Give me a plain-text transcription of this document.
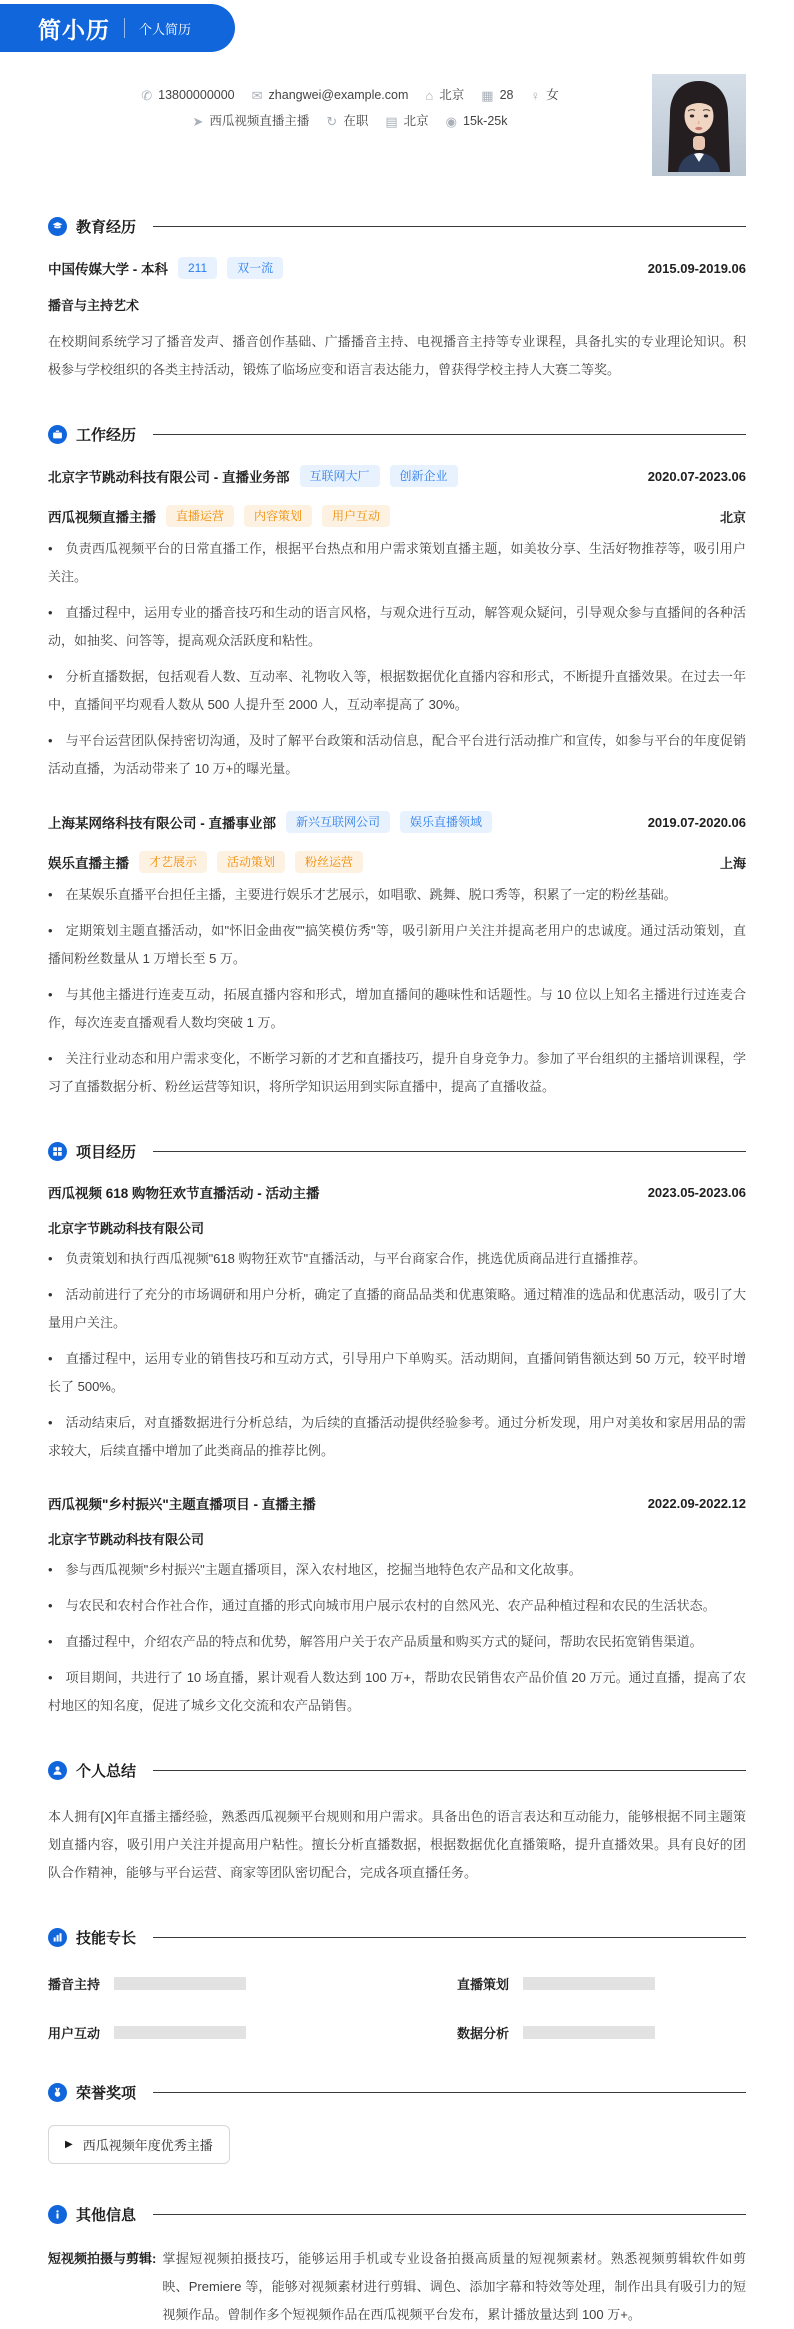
简小历 个人简历
✆ 13800000000 ✉ zhangwei@example.com ⌂ 北京 ▦ 28 ♀ 女
➤ 西瓜视频直播主播 ↻ 在职 ▤ 北京 ◉ 15k-25k
教育经历
中国传媒大学 - 本科	211	双一流	2015.09-2019.06
播音与主持艺术

在校期间系统学习了播音发声、播音创作基础、广播播音主持、电视播音主持等专业课程，具备扎实的专业理论知识。积极参与学校组织的各类主持活动，锻炼了临场应变和语言表达能力，曾获得学校主持人大赛二等奖。

工作经历
北京字节跳动科技有限公司 - 直播业务部	互联网大厂	创新企业	2020.07-2023.06
西瓜视频直播主播	直播运营	内容策划	用户互动	北京
• 负责西瓜视频平台的日常直播工作，根据平台热点和用户需求策划直播主题，如美妆分享、生活好物推荐等，吸引用户关注。
• 直播过程中，运用专业的播音技巧和生动的语言风格，与观众进行互动，解答观众疑问，引导观众参与直播间的各种活动，如抽奖、问答等，提高观众活跃度和粘性。
• 分析直播数据，包括观看人数、互动率、礼物收入等，根据数据优化直播内容和形式，不断提升直播效果。在过去一年中，直播间平均观看人数从 500 人提升至 2000 人，互动率提高了 30%。
• 与平台运营团队保持密切沟通，及时了解平台政策和活动信息，配合平台进行活动推广和宣传，如参与平台的年度促销活动直播，为活动带来了 10 万+的曝光量。
上海某网络科技有限公司 - 直播事业部	新兴互联网公司	娱乐直播领域	2019.07-2020.06
娱乐直播主播	才艺展示	活动策划	粉丝运营	上海
• 在某娱乐直播平台担任主播，主要进行娱乐才艺展示，如唱歌、跳舞、脱口秀等，积累了一定的粉丝基础。
• 定期策划主题直播活动，如"怀旧金曲夜""搞笑模仿秀"等，吸引新用户关注并提高老用户的忠诚度。通过活动策划，直播间粉丝数量从 1 万增长至 5 万。
• 与其他主播进行连麦互动，拓展直播内容和形式，增加直播间的趣味性和话题性。与 10 位以上知名主播进行过连麦合作，每次连麦直播观看人数均突破 1 万。
• 关注行业动态和用户需求变化，不断学习新的才艺和直播技巧，提升自身竞争力。参加了平台组织的主播培训课程，学习了直播数据分析、粉丝运营等知识，将所学知识运用到实际直播中，提高了直播收益。
项目经历
西瓜视频 618 购物狂欢节直播活动 - 活动主播	2023.05-2023.06
北京字节跳动科技有限公司
• 负责策划和执行西瓜视频"618 购物狂欢节"直播活动，与平台商家合作，挑选优质商品进行直播推荐。
• 活动前进行了充分的市场调研和用户分析，确定了直播的商品品类和优惠策略。通过精准的选品和优惠活动，吸引了大量用户关注。
• 直播过程中，运用专业的销售技巧和互动方式，引导用户下单购买。活动期间，直播间销售额达到 50 万元，较平时增长了 500%。
• 活动结束后，对直播数据进行分析总结，为后续的直播活动提供经验参考。通过分析发现，用户对美妆和家居用品的需求较大，后续直播中增加了此类商品的推荐比例。
西瓜视频"乡村振兴"主题直播项目 - 直播主播	2022.09-2022.12
北京字节跳动科技有限公司
• 参与西瓜视频"乡村振兴"主题直播项目，深入农村地区，挖掘当地特色农产品和文化故事。
• 与农民和农村合作社合作，通过直播的形式向城市用户展示农村的自然风光、农产品种植过程和农民的生活状态。
• 直播过程中，介绍农产品的特点和优势，解答用户关于农产品质量和购买方式的疑问，帮助农民拓宽销售渠道。
• 项目期间，共进行了 10 场直播，累计观看人数达到 100 万+，帮助农民销售农产品价值 20 万元。通过直播，提高了农村地区的知名度，促进了城乡文化交流和农产品销售。
个人总结

本人拥有[X]年直播主播经验，熟悉西瓜视频平台规则和用户需求。具备出色的语言表达和互动能力，能够根据不同主题策划直播内容，吸引用户关注并提高用户粘性。擅长分析直播数据，根据数据优化直播策略，提升直播效果。具有良好的团队合作精神，能够与平台运营、商家等团队密切配合，完成各项直播任务。

技能专长
播音主持	直播策划
用户互动	数据分析
荣誉奖项
▶ 西瓜视频年度优秀主播
其他信息
短视频拍摄与剪辑: 掌握短视频拍摄技巧，能够运用手机或专业设备拍摄高质量的短视频素材。熟悉视频剪辑软件如剪映、Premiere 等，能够对视频素材进行剪辑、调色、添加字幕和特效等处理，制作出具有吸引力的短视频作品。曾制作多个短视频作品在西瓜视频平台发布，累计播放量达到 100 万+。
